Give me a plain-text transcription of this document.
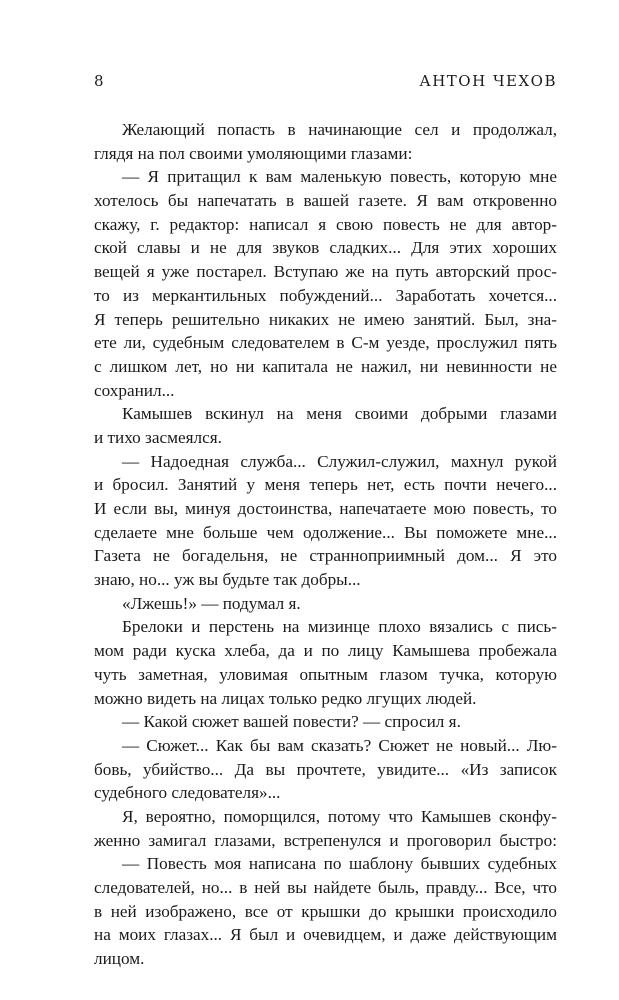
8	АНТОН ЧЕХОВ
Желающий попасть в начинающие сел и продолжал,
глядя на пол своими умоляющими глазами:
— Я притащил к вам маленькую повесть, которую мне
хотелось бы напечатать в вашей газете. Я вам откровенно
скажу, г. редактор: написал я свою повесть не для автор-
ской славы и не для звуков сладких... Для этих хороших
вещей я уже постарел. Вступаю же на путь авторский прос-
то из меркантильных побуждений... Заработать хочется...
Я теперь решительно никаких не имею занятий. Был, зна-
ете ли, судебным следователем в С-м уезде, прослужил пять
с лишком лет, но ни капитала не нажил, ни невинности не
сохранил...
Камышев вскинул на меня своими добрыми глазами
и тихо засмеялся.
— Надоедная служба... Служил-служил, махнул рукой
и бросил. Занятий у меня теперь нет, есть почти нечего...
И если вы, минуя достоинства, напечатаете мою повесть, то
сделаете мне больше чем одолжение... Вы поможете мне...
Газета не богадельня, не странноприимный дом... Я это
знаю, но... уж вы будьте так добры...
«Лжешь!» — подумал я.
Брелоки и перстень на мизинце плохо вязались с пись-
мом ради куска хлеба, да и по лицу Камышева пробежала
чуть заметная, уловимая опытным глазом тучка, которую
можно видеть на лицах только редко лгущих людей.
— Какой сюжет вашей повести? — спросил я.
— Сюжет... Как бы вам сказать? Сюжет не новый... Лю-
бовь, убийство... Да вы прочтете, увидите... «Из записок
судебного следователя»...
Я, вероятно, поморщился, потому что Камышев сконфу-
женно замигал глазами, встрепенулся и проговорил быстро:
— Повесть моя написана по шаблону бывших судебных
следователей, но... в ней вы найдете быль, правду... Все, что
в ней изображено, все от крышки до крышки происходило
на моих глазах... Я был и очевидцем, и даже действующим
лицом.
